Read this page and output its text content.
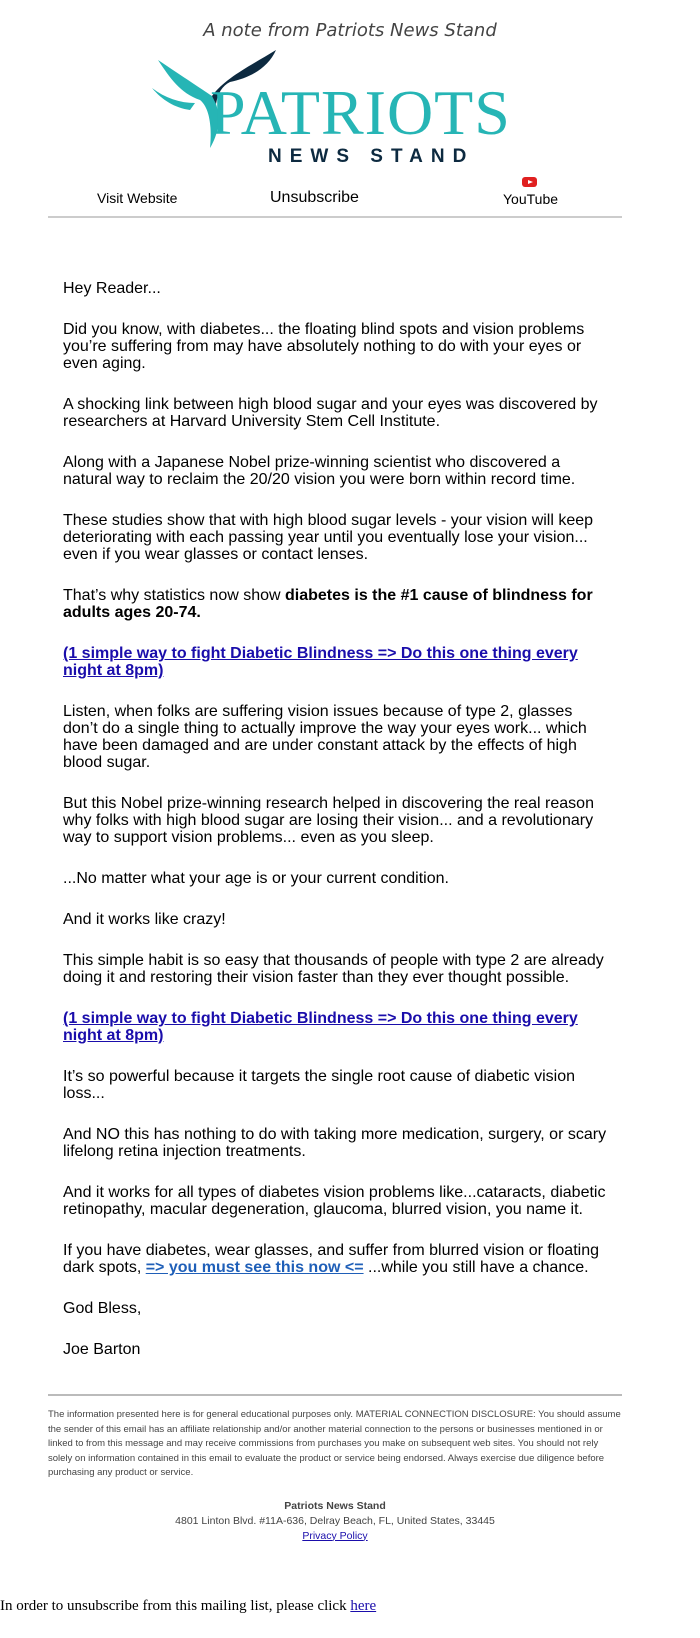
A note from Patriots News Stand
PATRIOTS
NEWS STAND
Visit Website	Unsubscribe	YouTube

Hey Reader...

Did you know, with diabetes... the floating blind spots and vision problems you’re suffering from may have absolutely nothing to do with your eyes or even aging.

A shocking link between high blood sugar and your eyes was discovered by researchers at Harvard University Stem Cell Institute.

Along with a Japanese Nobel prize-winning scientist who discovered a natural way to reclaim the 20/20 vision you were born within record time.

These studies show that with high blood sugar levels - your vision will keep deteriorating with each passing year until you eventually lose your vision... even if you wear glasses or contact lenses.

That’s why statistics now show diabetes is the #1 cause of blindness for adults ages 20-74.

(1 simple way to fight Diabetic Blindness => Do this one thing every night at 8pm)

Listen, when folks are suffering vision issues because of type 2, glasses don’t do a single thing to actually improve the way your eyes work... which have been damaged and are under constant attack by the effects of high blood sugar.

But this Nobel prize-winning research helped in discovering the real reason why folks with high blood sugar are losing their vision... and a revolutionary way to support vision problems... even as you sleep.

...No matter what your age is or your current condition.

And it works like crazy!

This simple habit is so easy that thousands of people with type 2 are already doing it and restoring their vision faster than they ever thought possible.

(1 simple way to fight Diabetic Blindness => Do this one thing every night at 8pm)

It’s so powerful because it targets the single root cause of diabetic vision loss...

And NO this has nothing to do with taking more medication, surgery, or scary lifelong retina injection treatments.

And it works for all types of diabetes vision problems like...cataracts, diabetic retinopathy, macular degeneration, glaucoma, blurred vision, you name it.

If you have diabetes, wear glasses, and suffer from blurred vision or floating dark spots, => you must see this now <= ...while you still have a chance.

God Bless,

Joe Barton

The information presented here is for general educational purposes only. MATERIAL CONNECTION DISCLOSURE: You should assume the sender of this email has an affiliate relationship and/or another material connection to the persons or businesses mentioned in or linked to from this message and may receive commissions from purchases you make on subsequent web sites. You should not rely solely on information contained in this email to evaluate the product or service being endorsed. Always exercise due diligence before purchasing any product or service.
Patriots News Stand
4801 Linton Blvd. #11A-636, Delray Beach, FL, United States, 33445
Privacy Policy
In order to unsubscribe from this mailing list, please click here
